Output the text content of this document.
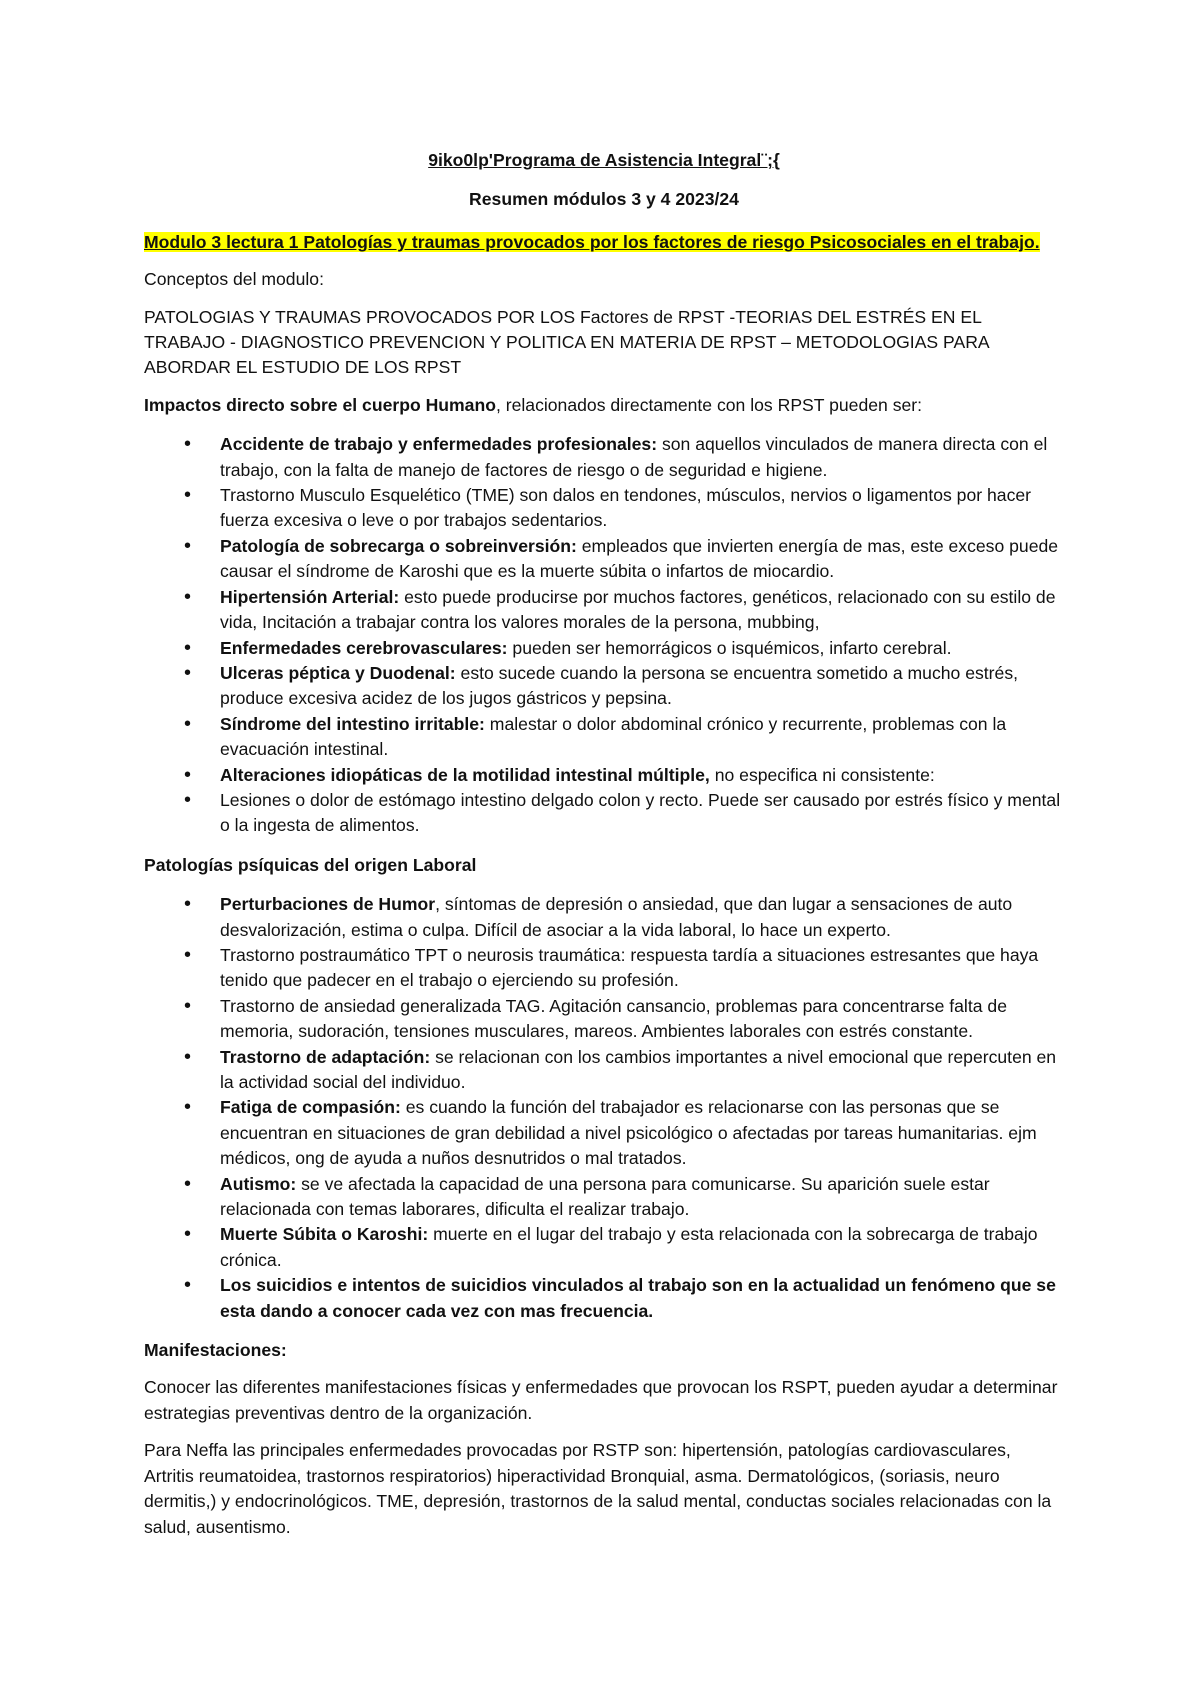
9iko0lp'Programa de Asistencia Integral¨;{

Resumen módulos 3 y 4 2023/24

Modulo 3 lectura 1 Patologías y traumas provocados por los factores de riesgo Psicosociales en el trabajo.

Conceptos del modulo:

PATOLOGIAS Y TRAUMAS PROVOCADOS POR LOS Factores de RPST -TEORIAS DEL ESTRÉS EN EL TRABAJO - DIAGNOSTICO PREVENCION Y POLITICA EN MATERIA DE RPST – METODOLOGIAS PARA ABORDAR EL ESTUDIO DE LOS RPST

Impactos directo sobre el cuerpo Humano, relacionados directamente con los RPST pueden ser:

• Accidente de trabajo y enfermedades profesionales: son aquellos vinculados de manera directa con el trabajo, con la falta de manejo de factores de riesgo o de seguridad e higiene.
• Trastorno Musculo Esquelético (TME) son dalos en tendones, músculos, nervios o ligamentos por hacer fuerza excesiva o leve o por trabajos sedentarios.
• Patología de sobrecarga o sobreinversión: empleados que invierten energía de mas, este exceso puede causar el síndrome de Karoshi que es la muerte súbita o infartos de miocardio.
• Hipertensión Arterial: esto puede producirse por muchos factores, genéticos, relacionado con su estilo de vida, Incitación a trabajar contra los valores morales de la persona, mubbing,
• Enfermedades cerebrovasculares: pueden ser hemorrágicos o isquémicos, infarto cerebral.
• Ulceras péptica y Duodenal: esto sucede cuando la persona se encuentra sometido a mucho estrés, produce excesiva acidez de los jugos gástricos y pepsina.
• Síndrome del intestino irritable: malestar o dolor abdominal crónico y recurrente, problemas con la evacuación intestinal.
• Alteraciones idiopáticas de la motilidad intestinal múltiple, no especifica ni consistente:
• Lesiones o dolor de estómago intestino delgado colon y recto. Puede ser causado por estrés físico y mental o la ingesta de alimentos.

Patologías psíquicas del origen Laboral

• Perturbaciones de Humor, síntomas de depresión o ansiedad, que dan lugar a sensaciones de auto desvalorización, estima o culpa. Difícil de asociar a la vida laboral, lo hace un experto.
• Trastorno postraumático TPT o neurosis traumática: respuesta tardía a situaciones estresantes que haya tenido que padecer en el trabajo o ejerciendo su profesión.
• Trastorno de ansiedad generalizada TAG. Agitación cansancio, problemas para concentrarse falta de memoria, sudoración, tensiones musculares, mareos. Ambientes laborales con estrés constante.
• Trastorno de adaptación: se relacionan con los cambios importantes a nivel emocional que repercuten en la actividad social del individuo.
• Fatiga de compasión: es cuando la función del trabajador es relacionarse con las personas que se encuentran en situaciones de gran debilidad a nivel psicológico o afectadas por tareas humanitarias. ejm médicos, ong de ayuda a nuños desnutridos o mal tratados.
• Autismo: se ve afectada la capacidad de una persona para comunicarse. Su aparición suele estar relacionada con temas laborares, dificulta el realizar trabajo.
• Muerte Súbita o Karoshi: muerte en el lugar del trabajo y esta relacionada con la sobrecarga de trabajo crónica.
• Los suicidios e intentos de suicidios vinculados al trabajo son en la actualidad un fenómeno que se esta dando a conocer cada vez con mas frecuencia.

Manifestaciones:

Conocer las diferentes manifestaciones físicas y enfermedades que provocan los RSPT, pueden ayudar a determinar estrategias preventivas dentro de la organización.

Para Neffa las principales enfermedades provocadas por RSTP son: hipertensión, patologías cardiovasculares, Artritis reumatoidea, trastornos respiratorios) hiperactividad Bronquial, asma. Dermatológicos, (soriasis, neuro dermitis,) y endocrinológicos. TME, depresión, trastornos de la salud mental, conductas sociales relacionadas con la salud, ausentismo.
